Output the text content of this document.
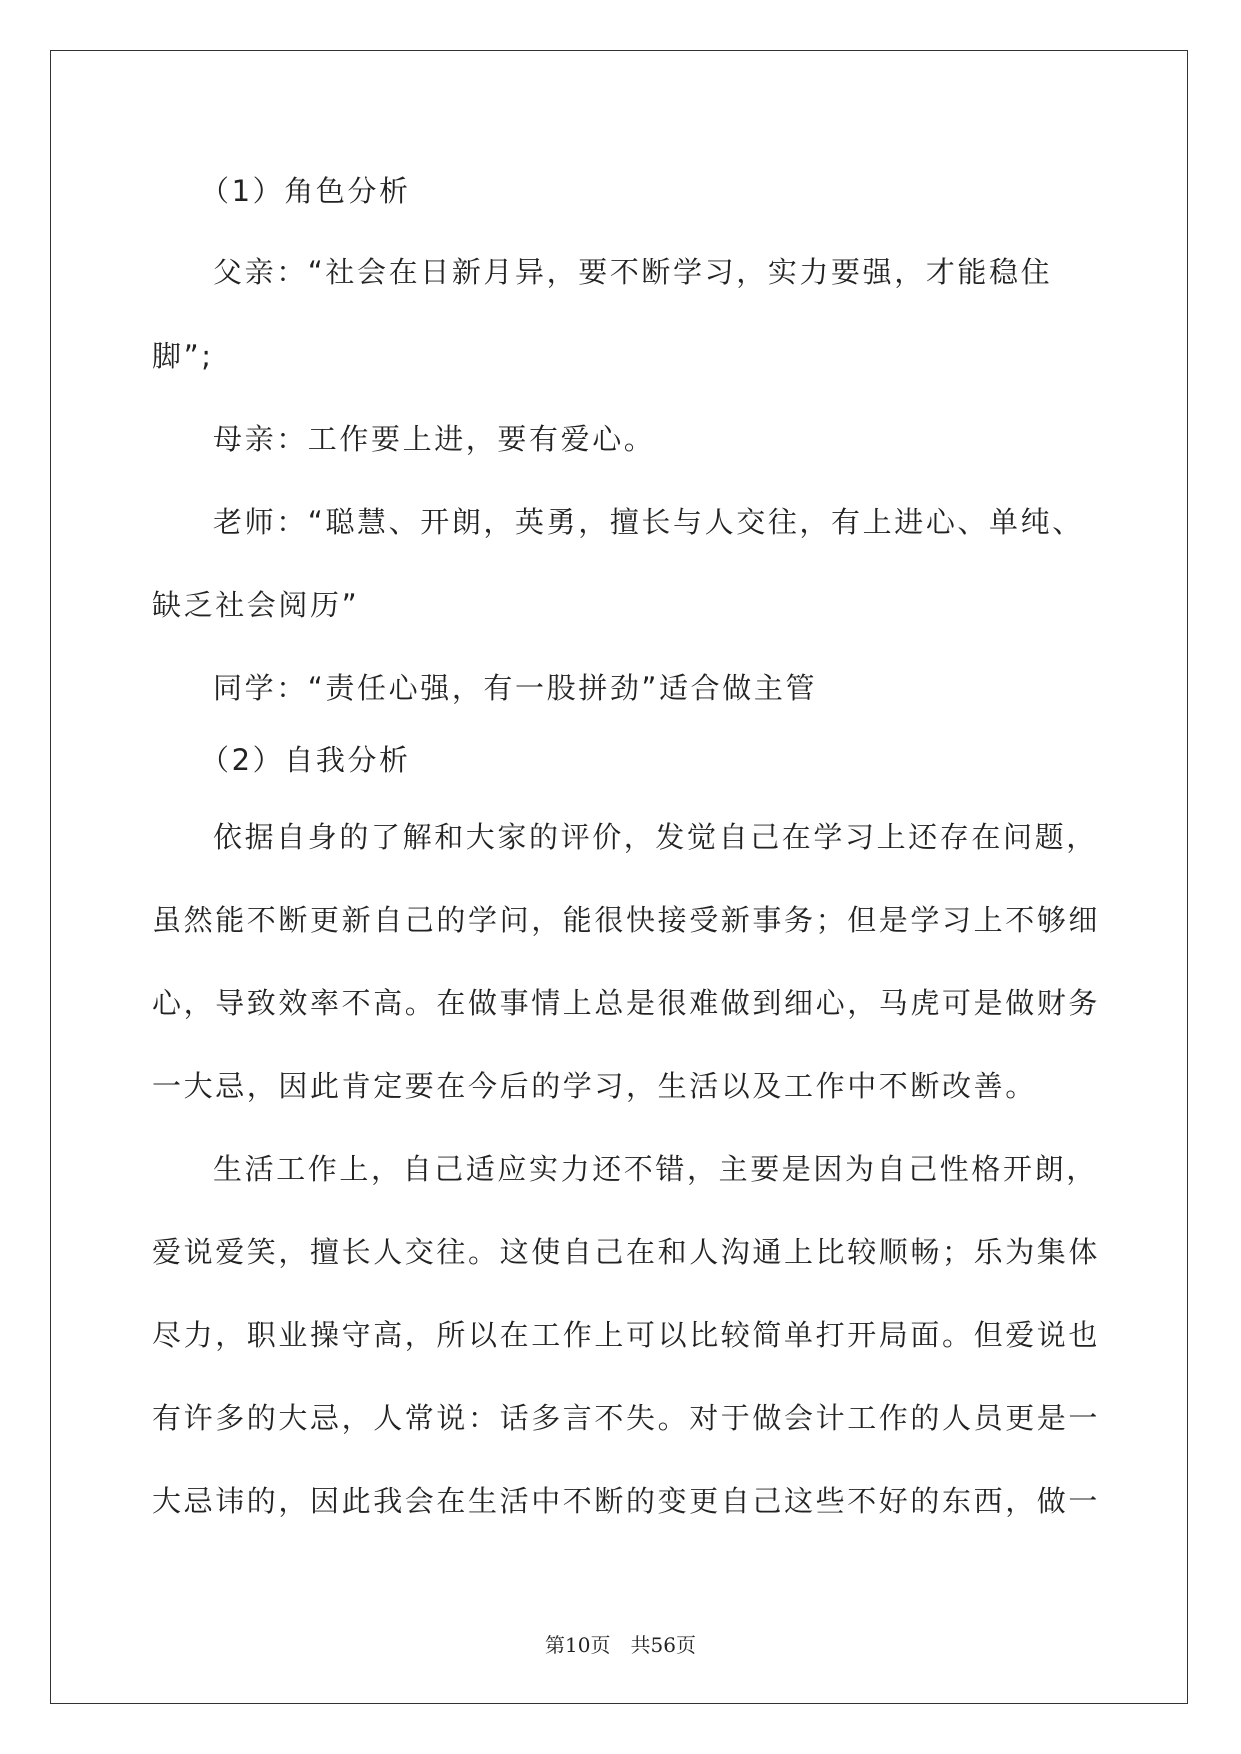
（1）角色分析
父亲：“社会在日新月异，要不断学习，实力要强，才能稳住
脚”;
母亲：工作要上进，要有爱心。
老师：“聪慧、开朗，英勇，擅长与人交往，有上进心、单纯、
缺乏社会阅历”
同学：“责任心强，有一股拼劲”适合做主管
（2）自我分析
依据自身的了解和大家的评价，发觉自己在学习上还存在问题，
虽然能不断更新自己的学问，能很快接受新事务；但是学习上不够细
心，导致效率不高。在做事情上总是很难做到细心，马虎可是做财务
一大忌，因此肯定要在今后的学习，生活以及工作中不断改善。
生活工作上，自己适应实力还不错，主要是因为自己性格开朗，
爱说爱笑，擅长人交往。这使自己在和人沟通上比较顺畅；乐为集体
尽力，职业操守高，所以在工作上可以比较简单打开局面。但爱说也
有许多的大忌，人常说：话多言不失。对于做会计工作的人员更是一
大忌讳的，因此我会在生活中不断的变更自己这些不好的东西，做一
第10页 共56页
